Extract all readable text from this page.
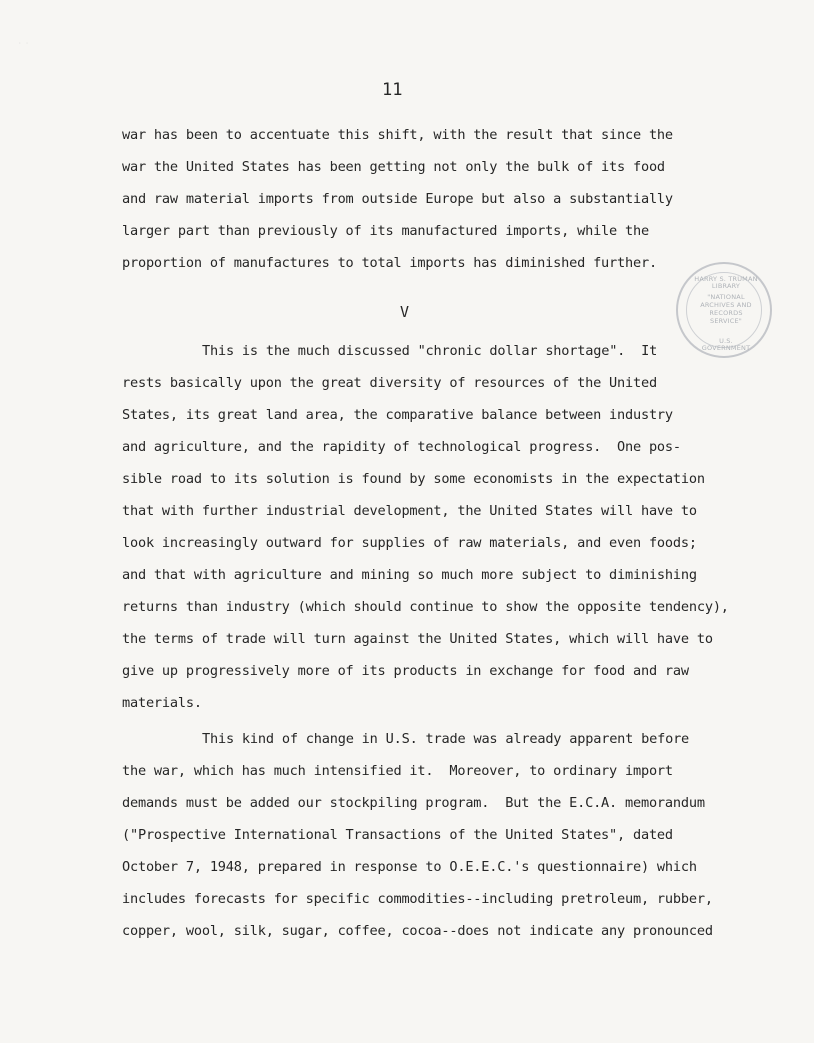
· ·
11
war has been to accentuate this shift, with the result that since the
war the United States has been getting not only the bulk of its food
and raw material imports from outside Europe but also a substantially
larger part than previously of its manufactured imports, while the
proportion of manufactures to total imports has diminished further.
HARRY S. TRUMAN LIBRARY
"NATIONAL
ARCHIVES AND
RECORDS
SERVICE"
U.S. GOVERNMENT
V
This is the much discussed "chronic dollar shortage".  It
rests basically upon the great diversity of resources of the United
States, its great land area, the comparative balance between industry
and agriculture, and the rapidity of technological progress.  One pos-
sible road to its solution is found by some economists in the expectation
that with further industrial development, the United States will have to
look increasingly outward for supplies of raw materials, and even foods;
and that with agriculture and mining so much more subject to diminishing
returns than industry (which should continue to show the opposite tendency),
the terms of trade will turn against the United States, which will have to
give up progressively more of its products in exchange for food and raw
materials.
This kind of change in U.S. trade was already apparent before
the war, which has much intensified it.  Moreover, to ordinary import
demands must be added our stockpiling program.  But the E.C.A. memorandum
("Prospective International Transactions of the United States", dated
October 7, 1948, prepared in response to O.E.E.C.'s questionnaire) which
includes forecasts for specific commodities--including pretroleum, rubber,
copper, wool, silk, sugar, coffee, cocoa--does not indicate any pronounced
